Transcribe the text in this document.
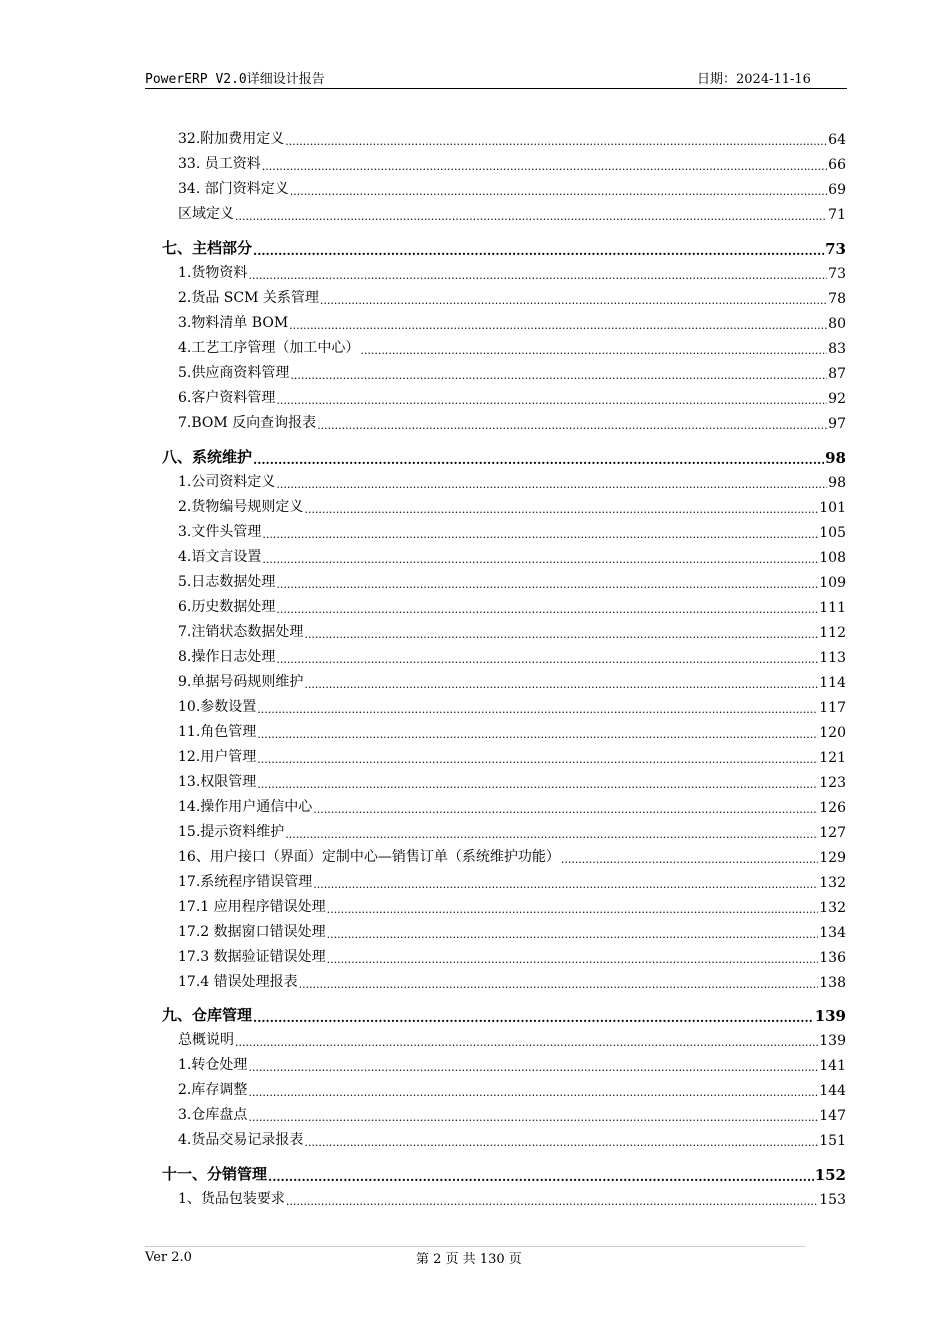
PowerERP V2.0详细设计报告	日期：2024-11-16
32.附加费用定义 .....	64
33. 员工资料 .....	66
34. 部门资料定义 .....	69
区域定义 .....	71
七、主档部分 .....	73
1.货物资料 .....	73
2.货品 SCM 关系管理 .....	78
3.物料清单 BOM .....	80
4.工艺工序管理（加工中心） .....	83
5.供应商资料管理 .....	87
6.客户资料管理 .....	92
7.BOM 反向查询报表 .....	97
八、系统维护 .....	98
1.公司资料定义 .....	98
2.货物编号规则定义 .....	101
3.文件头管理 .....	105
4.语文言设置 .....	108
5.日志数据处理 .....	109
6.历史数据处理 .....	111
7.注销状态数据处理 .....	112
8.操作日志处理 .....	113
9.单据号码规则维护 .....	114
10.参数设置 .....	117
11.角色管理 .....	120
12.用户管理 .....	121
13.权限管理 .....	123
14.操作用户通信中心 .....	126
15.提示资料维护 .....	127
16、用户接口（界面）定制中心—销售订单（系统维护功能） .....	129
17.系统程序错误管理 .....	132
17.1 应用程序错误处理 .....	132
17.2 数据窗口错误处理 .....	134
17.3 数据验证错误处理 .....	136
17.4 错误处理报表 .....	138
九、仓库管理 .....	139
总概说明 .....	139
1.转仓处理 .....	141
2.库存调整 .....	144
3.仓库盘点 .....	147
4.货品交易记录报表 .....	151
十一、分销管理 .....	152
1、货品包装要求 .....	153
Ver 2.0	第 2 页 共 130 页
